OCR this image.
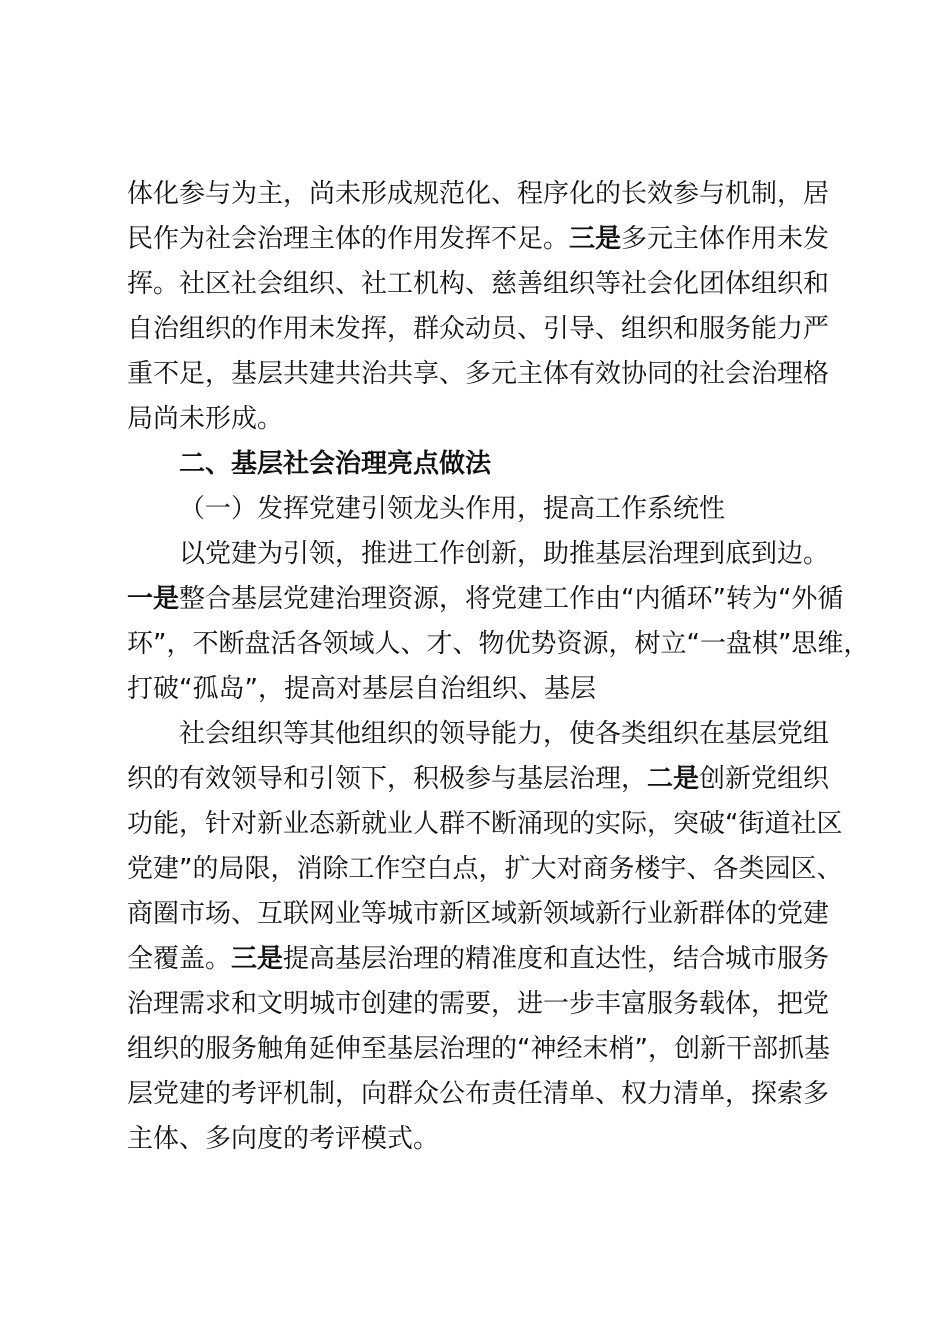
体化参与为主，尚未形成规范化、程序化的长效参与机制，居
民作为社会治理主体的作用发挥不足。三是多元主体作用未发
挥。社区社会组织、社工机构、慈善组织等社会化团体组织和
自治组织的作用未发挥，群众动员、引导、组织和服务能力严
重不足，基层共建共治共享、多元主体有效协同的社会治理格
局尚未形成。
二、基层社会治理亮点做法
（一）发挥党建引领龙头作用，提高工作系统性
以党建为引领，推进工作创新，助推基层治理到底到边。
一是整合基层党建治理资源，将党建工作由“内循环”转为“外循
环”，不断盘活各领域人、才、物优势资源，树立“一盘棋”思维，
打破“孤岛”，提高对基层自治组织、基层
社会组织等其他组织的领导能力，使各类组织在基层党组
织的有效领导和引领下，积极参与基层治理，二是创新党组织
功能，针对新业态新就业人群不断涌现的实际，突破“街道社区
党建”的局限，消除工作空白点，扩大对商务楼宇、各类园区、
商圈市场、互联网业等城市新区域新领域新行业新群体的党建
全覆盖。三是提高基层治理的精准度和直达性，结合城市服务
治理需求和文明城市创建的需要，进一步丰富服务载体，把党
组织的服务触角延伸至基层治理的“神经末梢”，创新干部抓基
层党建的考评机制，向群众公布责任清单、权力清单，探索多
主体、多向度的考评模式。
